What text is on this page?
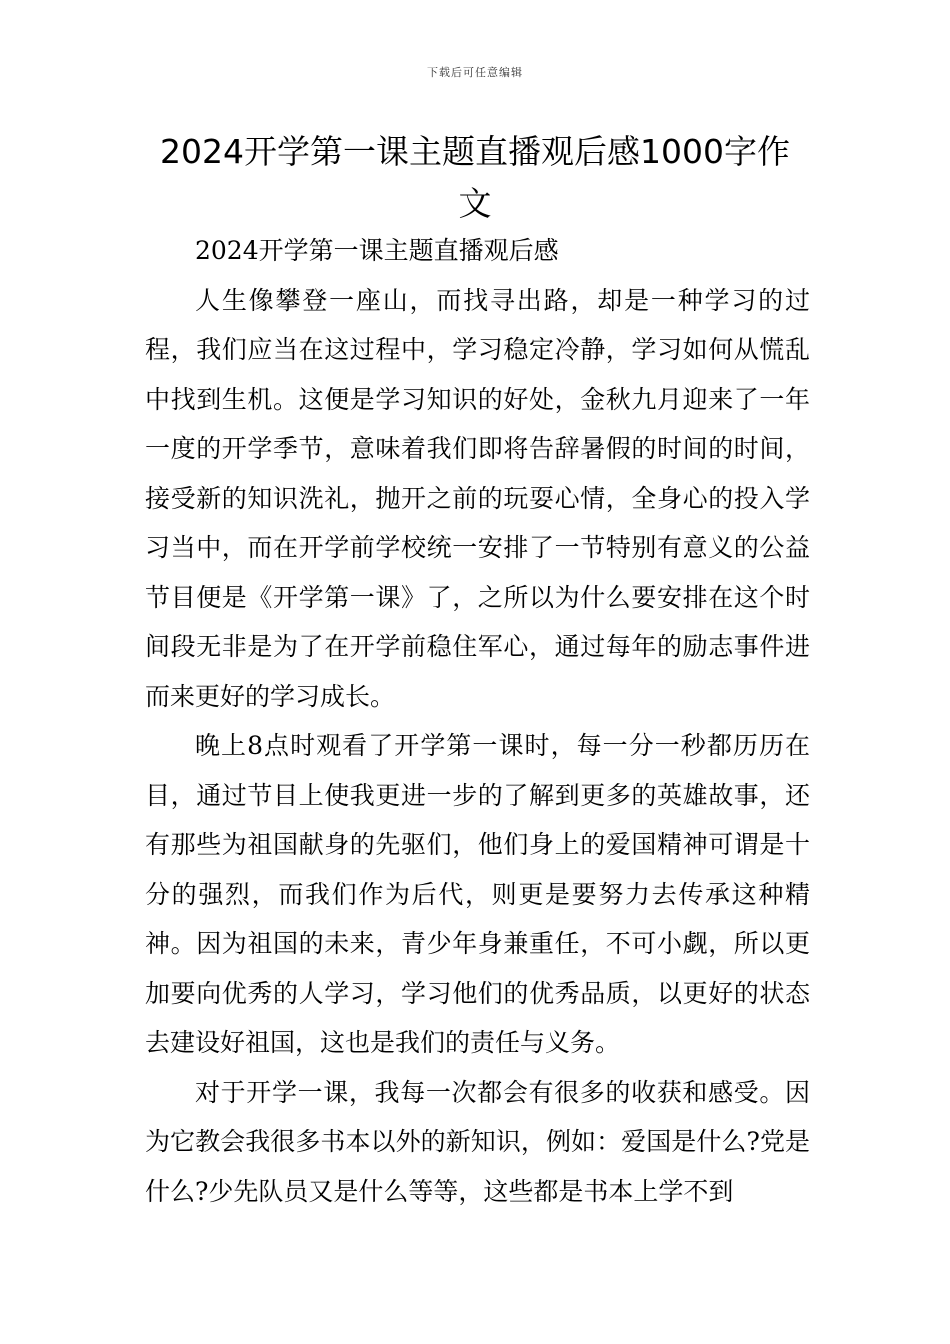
下载后可任意编辑
2024开学第一课主题直播观后感1000字作文

2024开学第一课主题直播观后感

人生像攀登一座山，而找寻出路，却是一种学习的过程，我们应当在这过程中，学习稳定冷静，学习如何从慌乱中找到生机。这便是学习知识的好处，金秋九月迎来了一年一度的开学季节，意味着我们即将告辞暑假的时间的时间，接受新的知识洗礼，抛开之前的玩耍心情，全身心的投入学习当中，而在开学前学校统一安排了一节特别有意义的公益节目便是《开学第一课》了，之所以为什么要安排在这个时间段无非是为了在开学前稳住军心，通过每年的励志事件进而来更好的学习成长。

晚上8点时观看了开学第一课时，每一分一秒都历历在目，通过节目上使我更进一步的了解到更多的英雄故事，还有那些为祖国献身的先驱们，他们身上的爱国精神可谓是十分的强烈，而我们作为后代，则更是要努力去传承这种精神。因为祖国的未来，青少年身兼重任，不可小觑，所以更加要向优秀的人学习，学习他们的优秀品质，以更好的状态去建设好祖国，这也是我们的责任与义务。

对于开学一课，我每一次都会有很多的收获和感受。因为它教会我很多书本以外的新知识，例如：爱国是什么?党是什么?少先队员又是什么等等，这些都是书本上学不到
